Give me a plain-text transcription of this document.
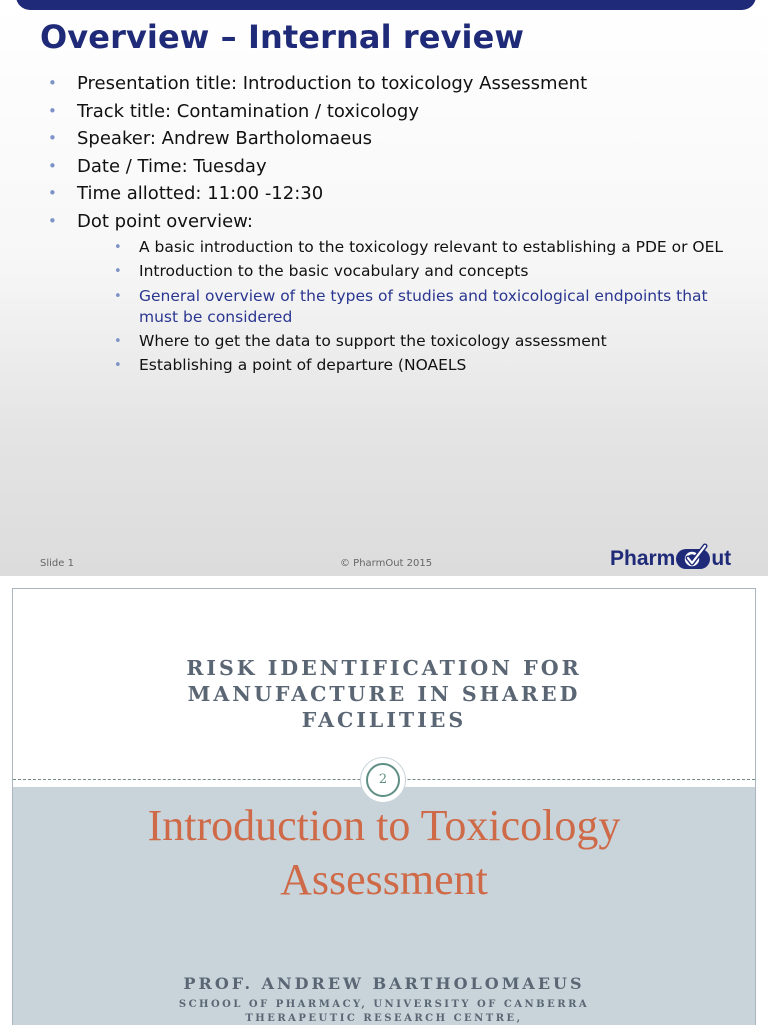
Overview – Internal review
• Presentation title: Introduction to toxicology Assessment
• Track title: Contamination / toxicology
• Speaker: Andrew Bartholomaeus
• Date / Time: Tuesday
• Time allotted: 11:00 -12:30
• Dot point overview:
• A basic introduction to the toxicology relevant to establishing a PDE or OEL
• Introduction to the basic vocabulary and concepts
• General overview of the types of studies and toxicological endpoints that must be considered
• Where to get the data to support the toxicology assessment
• Establishing a point of departure (NOAELS
Slide 1	© PharmOut 2015	Pharm ut
RISK IDENTIFICATION FOR
MANUFACTURE IN SHARED
FACILITIES
2
Introduction to Toxicology
Assessment
PROF. ANDREW BARTHOLOMAEUS
SCHOOL OF PHARMACY, UNIVERSITY OF CANBERRA
THERAPEUTIC RESEARCH CENTRE,
